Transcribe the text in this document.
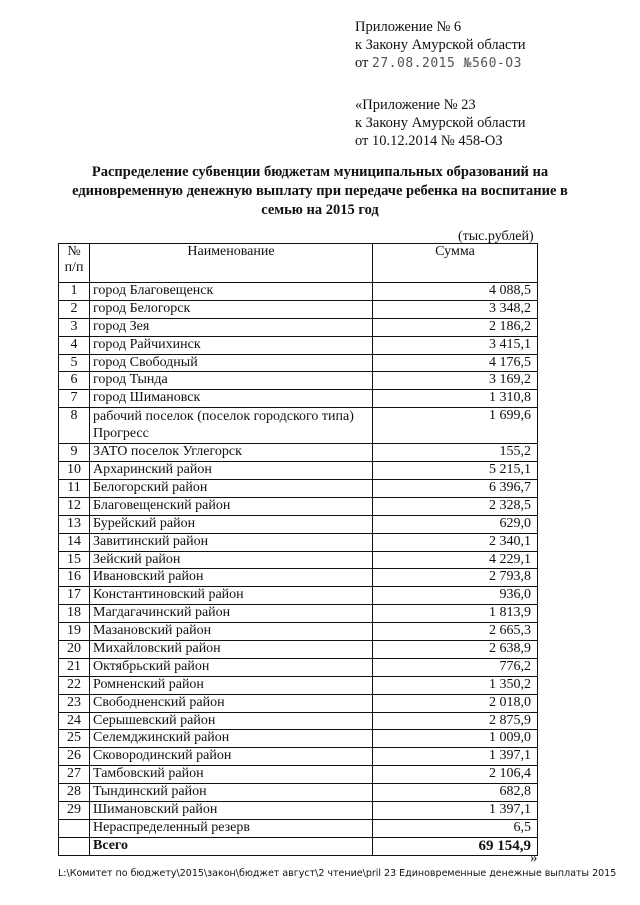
Приложение № 6
к Закону Амурской области
от 27.08.2015 №560-ОЗ
«Приложение № 23
к Закону Амурской области
от 10.12.2014 № 458-ОЗ
Распределение субвенции бюджетам муниципальных образований на единовременную денежную выплату при передаче ребенка на воспитание в семью на 2015 год
(тыс.рублей)
№ п/п	Наименование	Сумма
1	город Благовещенск	4 088,5
2	город Белогорск	3 348,2
3	город Зея	2 186,2
4	город Райчихинск	3 415,1
5	город Свободный	4 176,5
6	город Тында	3 169,2
7	город Шимановск	1 310,8
8	рабочий поселок (поселок городского типа) Прогресс	1 699,6
9	ЗАТО поселок Углегорск	155,2
10	Архаринский район	5 215,1
11	Белогорский район	6 396,7
12	Благовещенский район	2 328,5
13	Бурейский район	629,0
14	Завитинский район	2 340,1
15	Зейский район	4 229,1
16	Ивановский район	2 793,8
17	Константиновский район	936,0
18	Магдагачинский район	1 813,9
19	Мазановский район	2 665,3
20	Михайловский район	2 638,9
21	Октябрьский район	776,2
22	Ромненский район	1 350,2
23	Свободненский район	2 018,0
24	Серышевский район	2 875,9
25	Селемджинский район	1 009,0
26	Сковородинский район	1 397,1
27	Тамбовский район	2 106,4
28	Тындинский район	682,8
29	Шимановский район	1 397,1
	Нераспределенный резерв	6,5
	Всего	69 154,9
»
L:\Комитет по бюджету\2015\закон\бюджет август\2 чтение\pril 23 Единовременные денежные выплаты 2015
